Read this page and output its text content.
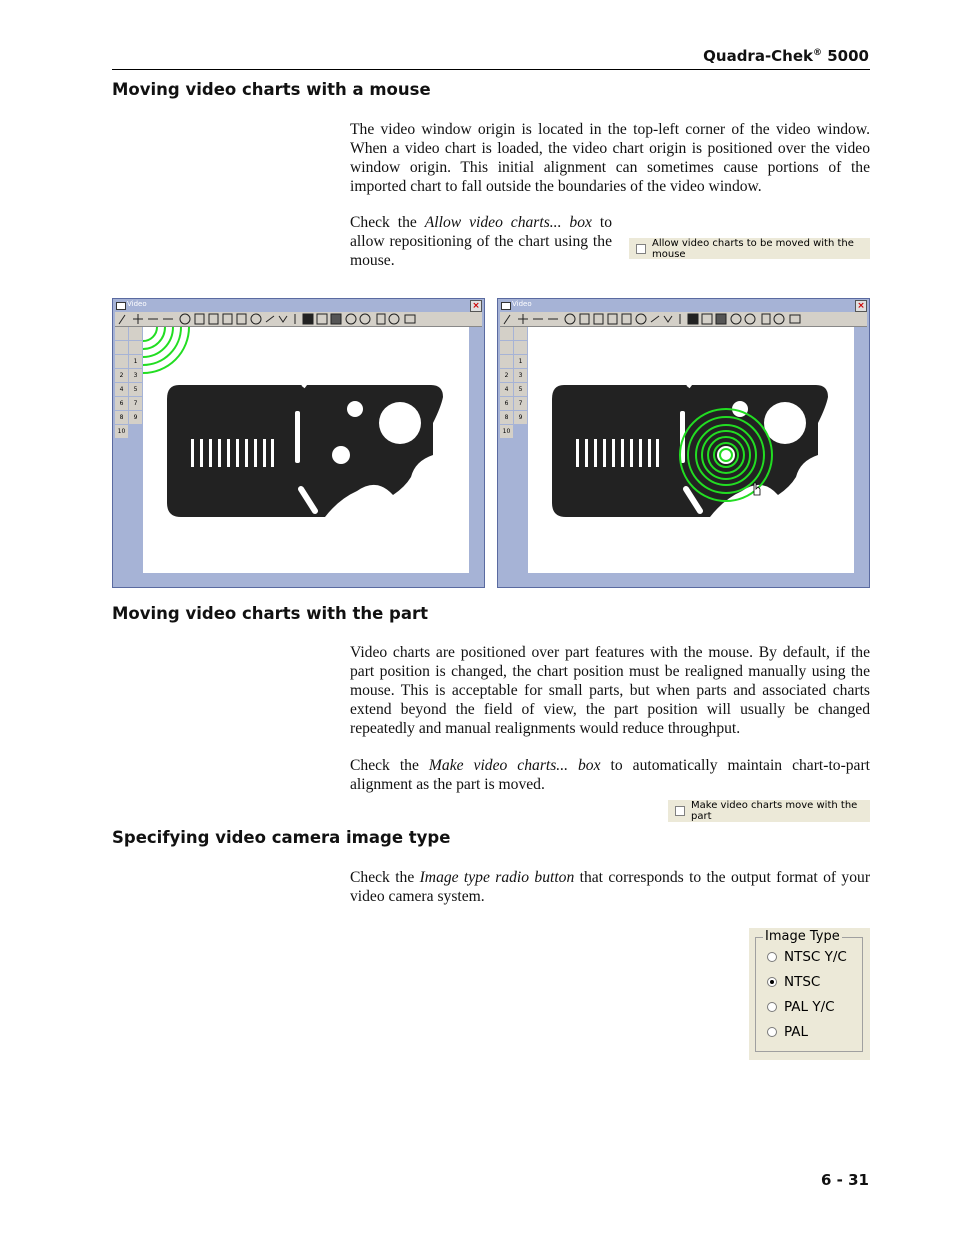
Quadra-Chek® 5000
Moving video charts with a mouse

The video window origin is located in the top-left corner of the video window. When a video chart is loaded, the video chart origin is positioned over the video window origin. This initial alignment can sometimes cause portions of the imported chart to fall outside the boundaries of the video window.

Check the Allow video charts... box to allow repositioning of the chart using the mouse.

Allow video charts to be moved with the mouse
Video	×
1
2	3
4	5
6	7
8	9
10
Video	×
1
2	3
4	5
6	7
8	9
10
Moving video charts with the part

Video charts are positioned over part features with the mouse. By default, if the part position is changed, the chart position must be realigned manually using the mouse. This is acceptable for small parts, but when parts and associated charts extend beyond the field of view, the part position will usually be changed repeatedly and manual realignments would reduce throughput.

Check the Make video charts... box to automatically maintain chart-to-part alignment as the part is moved.

Make video charts move with the part
Specifying video camera image type

Check the Image type radio button that corresponds to the output format of your video camera system.

Image Type
NTSC Y/C
NTSC
PAL Y/C
PAL
6 - 31
